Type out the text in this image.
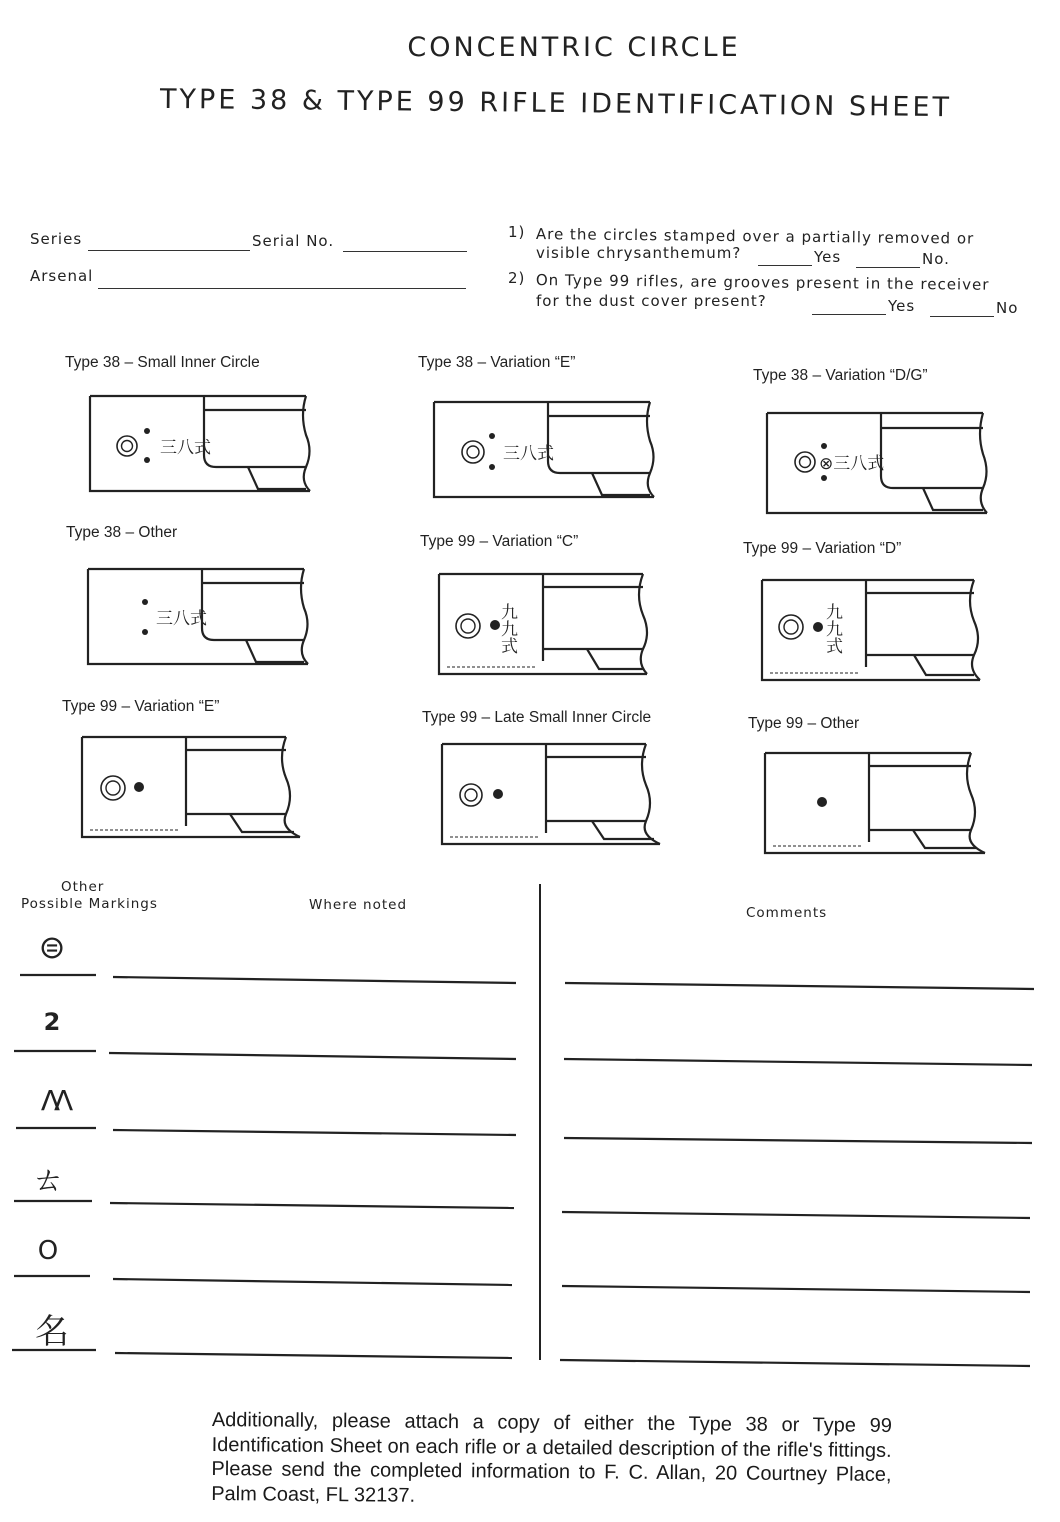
CONCENTRIC CIRCLE
TYPE 38 & TYPE 99 RIFLE IDENTIFICATION SHEET
Series	Serial No.
Arsenal
1) Are the circles stamped over a partially removed or
visible chrysanthemum?	Yes	No.
2) On Type 99 rifles, are grooves present in the receiver
for the dust cover present?	Yes	No
Type 38 – Small Inner Circle	Type 38 – Variation “E”
Type 38 – Variation “D/G”
Type 38 – Other
Type 99 – Variation “C”	Type 99 – Variation “D”
Type 99 – Variation “E”
Type 99 – Late Small Inner Circle	Type 99 – Other
三八式	三八式	⊗三八式
三八式	九九式	九九式
Other
Possible Markings	Where noted	Comments
⊜
2
ΛΛ
ㄊ
O
名
Additionally, please attach a copy of either the Type 38 or Type 99 Identification Sheet on each rifle or a detailed description of the rifle's fittings. Please send the completed information to F. C. Allan, 20 Courtney Place, Palm Coast, FL 32137.
